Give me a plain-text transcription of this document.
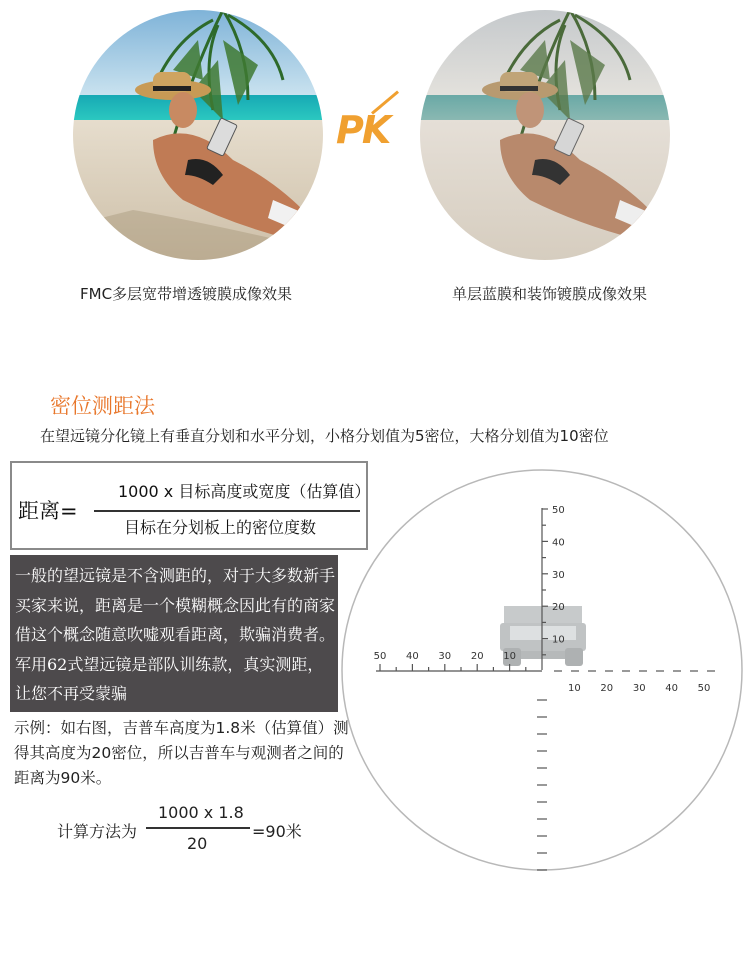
FMC多层宽带增透镀膜成像效果
PK
单层蓝膜和装饰镀膜成像效果
密位测距法
在望远镜分化镜上有垂直分划和水平分划，小格分划值为5密位，大格分划值为10密位
距离=
1000 x 目标高度或宽度（估算值）
目标在分划板上的密位度数
一般的望远镜是不含测距的，对于大多数新手买家来说，距离是一个模糊概念因此有的商家借这个概念随意吹嘘观看距离，欺骗消费者。军用62式望远镜是部队训练款，真实测距，让您不再受蒙骗
示例：如右图，吉普车高度为1.8米（估算值）测得其高度为20密位，所以吉普车与观测者之间的距离为90米。
计算方法为
1000 x 1.8
20
=90米
50
40
30
20
10
50 40 30 20 10
10 20 30 40 50
